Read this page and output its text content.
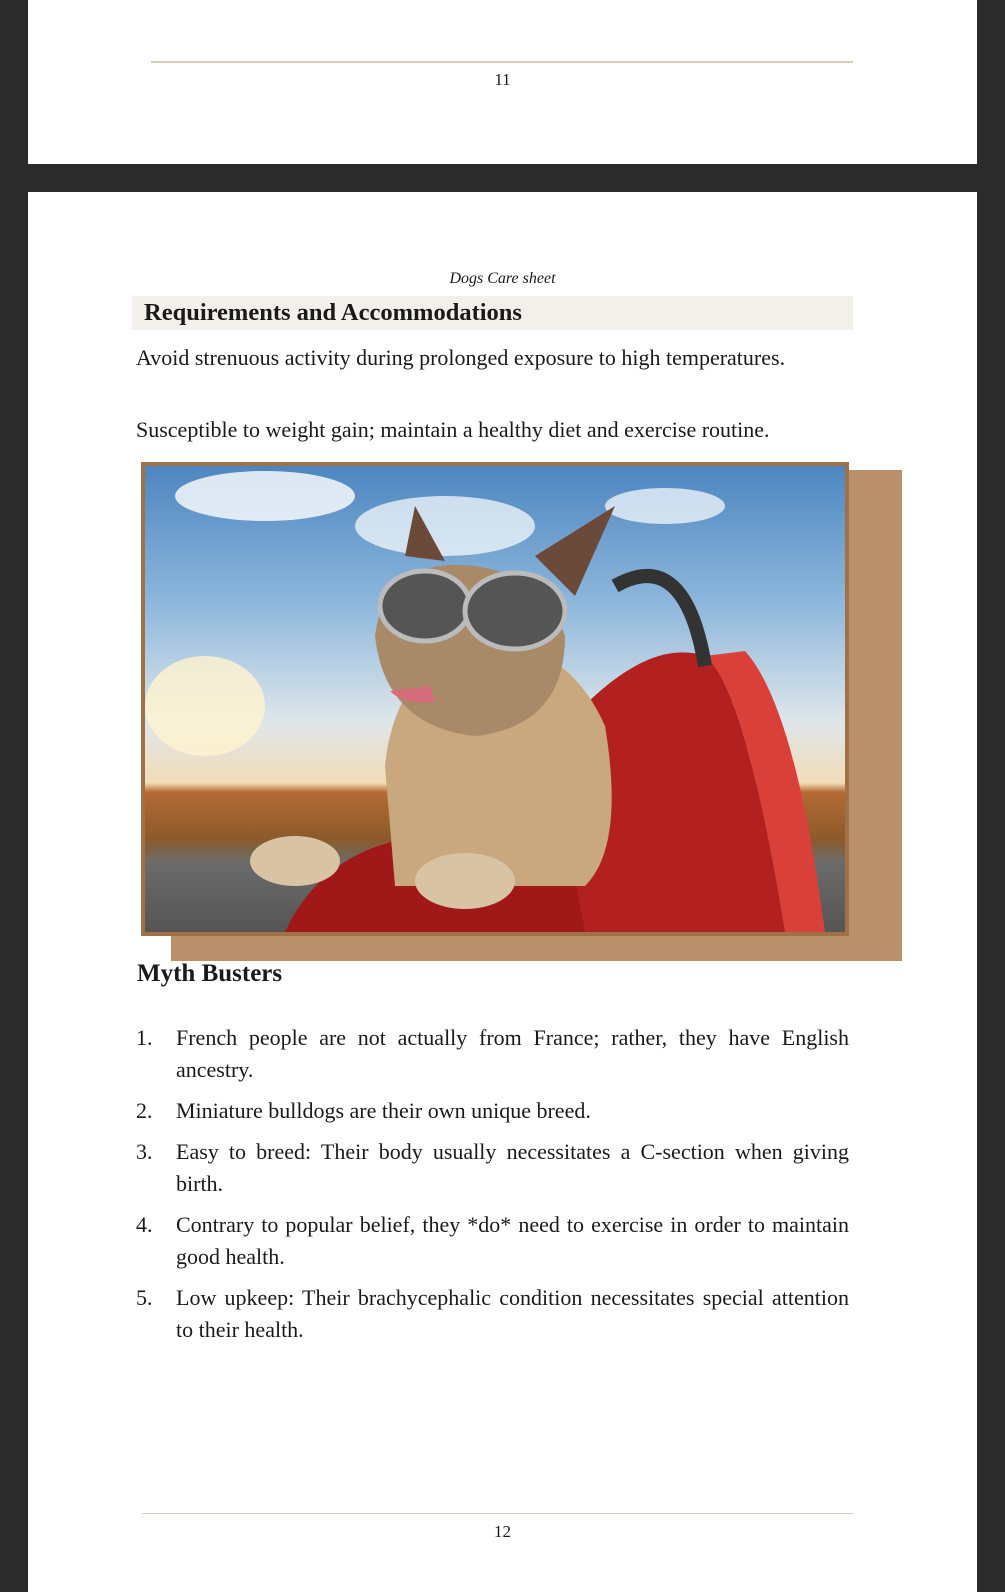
11
Dogs Care sheet
Requirements and Accommodations

Avoid strenuous activity during prolonged exposure to high temperatures.

Susceptible to weight gain; maintain a healthy diet and exercise routine.

Myth Busters
1. French people are not actually from France; rather, they have English ancestry.
2. Miniature bulldogs are their own unique breed.
3. Easy to breed: Their body usually necessitates a C-section when giving birth.
4. Contrary to popular belief, they *do* need to exercise in order to maintain good health.
5. Low upkeep: Their brachycephalic condition necessitates special attention to their health.
12
